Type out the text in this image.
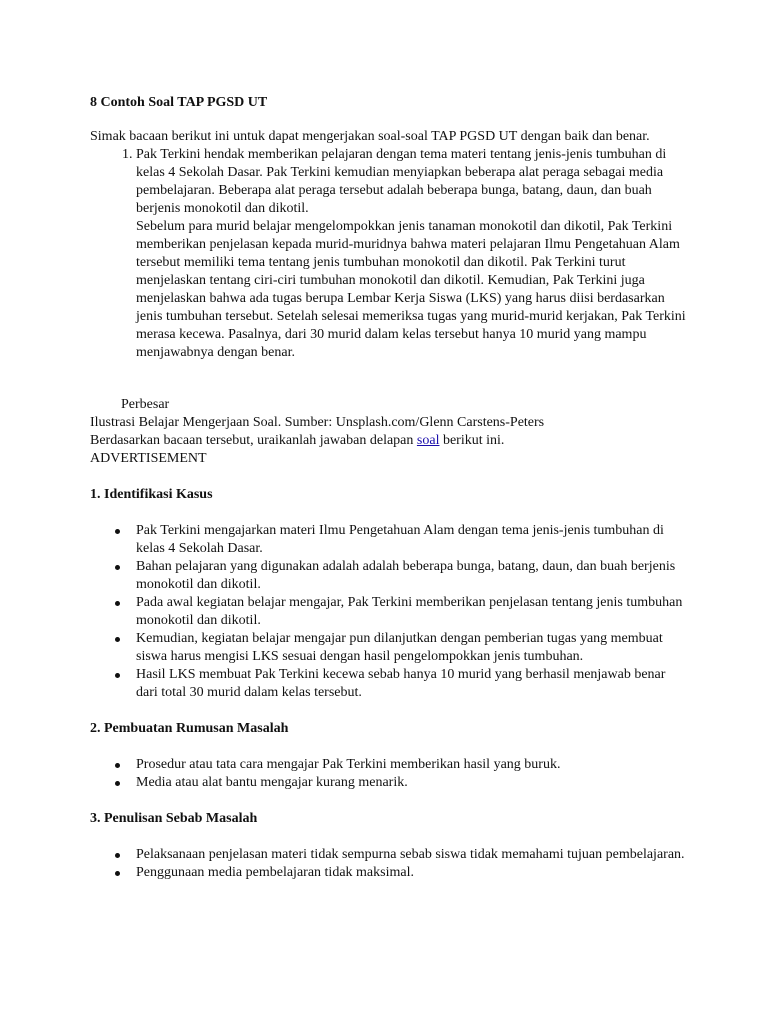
8 Contoh Soal TAP PGSD UT

Simak bacaan berikut ini untuk dapat mengerjakan soal-soal TAP PGSD UT dengan baik dan benar.
1. Pak Terkini hendak memberikan pelajaran dengan tema materi tentang jenis-jenis tumbuhan di kelas 4 Sekolah Dasar. Pak Terkini kemudian menyiapkan beberapa alat peraga sebagai media pembelajaran. Beberapa alat peraga tersebut adalah beberapa bunga, batang, daun, dan buah berjenis monokotil dan dikotil.
Sebelum para murid belajar mengelompokkan jenis tanaman monokotil dan dikotil, Pak Terkini memberikan penjelasan kepada murid-muridnya bahwa materi pelajaran Ilmu Pengetahuan Alam tersebut memiliki tema tentang jenis tumbuhan monokotil dan dikotil. Pak Terkini turut menjelaskan tentang ciri-ciri tumbuhan monokotil dan dikotil. Kemudian, Pak Terkini juga menjelaskan bahwa ada tugas berupa Lembar Kerja Siswa (LKS) yang harus diisi berdasarkan jenis tumbuhan tersebut. Setelah selesai memeriksa tugas yang murid-murid kerjakan, Pak Terkini merasa kecewa. Pasalnya, dari 30 murid dalam kelas tersebut hanya 10 murid yang mampu menjawabnya dengan benar.
Perbesar
Ilustrasi Belajar Mengerjaan Soal. Sumber: Unsplash.com/Glenn Carstens-Peters
Berdasarkan bacaan tersebut, uraikanlah jawaban delapan soal berikut ini.
ADVERTISEMENT
1. Identifikasi Kasus
Pak Terkini mengajarkan materi Ilmu Pengetahuan Alam dengan tema jenis-jenis tumbuhan di kelas 4 Sekolah Dasar.
Bahan pelajaran yang digunakan adalah adalah beberapa bunga, batang, daun, dan buah berjenis monokotil dan dikotil.
Pada awal kegiatan belajar mengajar, Pak Terkini memberikan penjelasan tentang jenis tumbuhan monokotil dan dikotil.
Kemudian, kegiatan belajar mengajar pun dilanjutkan dengan pemberian tugas yang membuat siswa harus mengisi LKS sesuai dengan hasil pengelompokkan jenis tumbuhan.
Hasil LKS membuat Pak Terkini kecewa sebab hanya 10 murid yang berhasil menjawab benar dari total 30 murid dalam kelas tersebut.
2. Pembuatan Rumusan Masalah
Prosedur atau tata cara mengajar Pak Terkini memberikan hasil yang buruk.
Media atau alat bantu mengajar kurang menarik.
3. Penulisan Sebab Masalah
Pelaksanaan penjelasan materi tidak sempurna sebab siswa tidak memahami tujuan pembelajaran.
Penggunaan media pembelajaran tidak maksimal.
